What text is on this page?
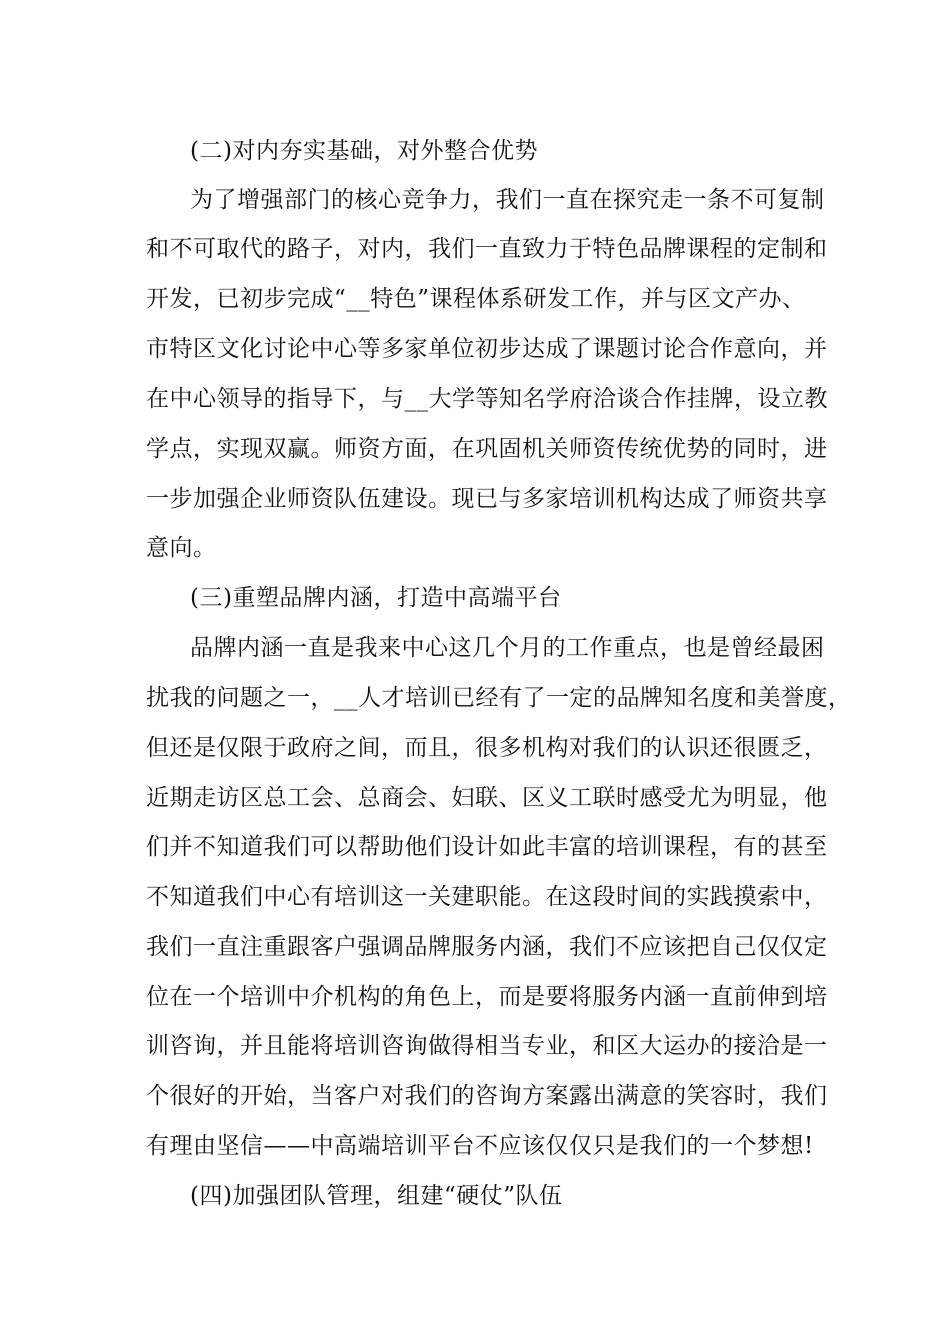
(二)对内夯实基础，对外整合优势
为了增强部门的核心竞争力，我们一直在探究走一条不可复制
和不可取代的路子，对内，我们一直致力于特色品牌课程的定制和
开发，已初步完成“__特色”课程体系研发工作，并与区文产办、
市特区文化讨论中心等多家单位初步达成了课题讨论合作意向，并
在中心领导的指导下，与__大学等知名学府洽谈合作挂牌，设立教
学点，实现双赢。师资方面，在巩固机关师资传统优势的同时，进
一步加强企业师资队伍建设。现已与多家培训机构达成了师资共享
意向。
(三)重塑品牌内涵，打造中高端平台
品牌内涵一直是我来中心这几个月的工作重点，也是曾经最困
扰我的问题之一，__人才培训已经有了一定的品牌知名度和美誉度，
但还是仅限于政府之间，而且，很多机构对我们的认识还很匮乏，
近期走访区总工会、总商会、妇联、区义工联时感受尤为明显，他
们并不知道我们可以帮助他们设计如此丰富的培训课程，有的甚至
不知道我们中心有培训这一关建职能。在这段时间的实践摸索中，
我们一直注重跟客户强调品牌服务内涵，我们不应该把自己仅仅定
位在一个培训中介机构的角色上，而是要将服务内涵一直前伸到培
训咨询，并且能将培训咨询做得相当专业，和区大运办的接洽是一
个很好的开始，当客户对我们的咨询方案露出满意的笑容时，我们
有理由坚信——中高端培训平台不应该仅仅只是我们的一个梦想!
(四)加强团队管理，组建“硬仗”队伍
